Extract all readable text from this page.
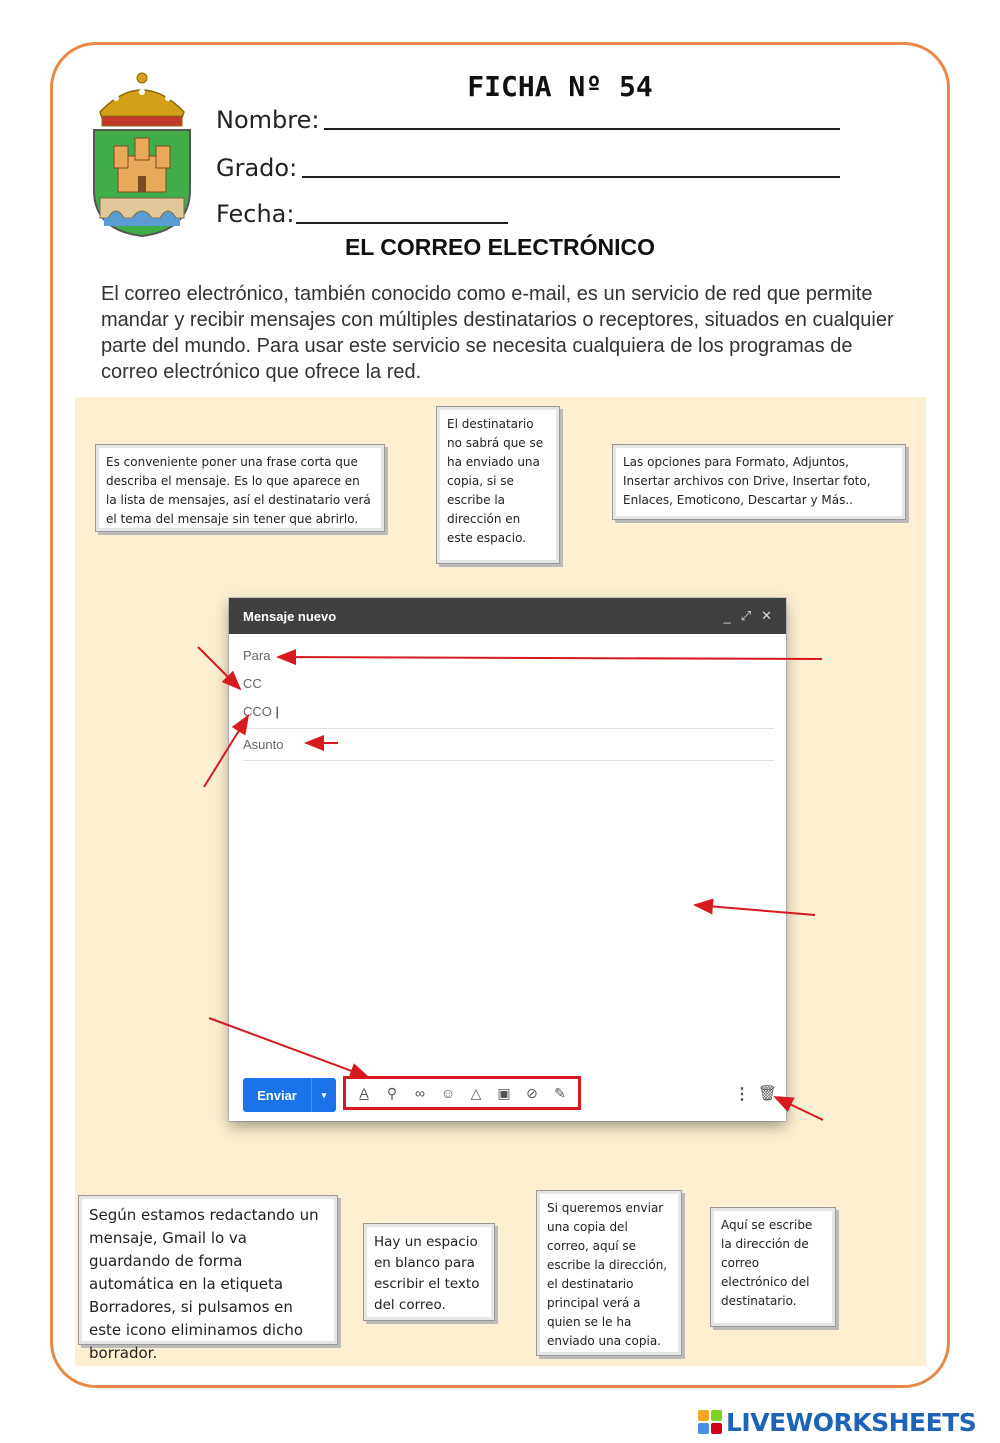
FICHA Nº 54
Nombre:
Grado:
Fecha:
EL CORREO ELECTRÓNICO

El correo electrónico, también conocido como e-mail, es un servicio de red que permite mandar y recibir mensajes con múltiples destinatarios o receptores, situados en cualquier parte del mundo. Para usar este servicio se necesita cualquiera de los programas de correo electrónico que ofrece la red.

Es conveniente poner una frase corta que describa el mensaje. Es lo que aparece en la lista de mensajes, así el destinatario verá el tema del mensaje sin tener que abrirlo.
El destinatario no sabrá que se ha enviado una copia, si se escribe la dirección en este espacio.
Las opciones para Formato, Adjuntos, Insertar archivos con Drive, Insertar foto, Enlaces, Emoticono, Descartar y Más..
Según estamos redactando un mensaje, Gmail lo va guardando de forma automática en la etiqueta Borradores, si pulsamos en este icono eliminamos dicho borrador.
Hay un espacio en blanco para escribir el texto del correo.
Si queremos enviar una copia del correo, aquí se escribe la dirección, el destinatario principal verá a quien se le ha enviado una copia.
Aquí se escribe la dirección de correo electrónico del destinatario.
Mensaje nuevo	_ ⤢ ✕
Para
CC
CCO |
Asunto
Enviar	▾	A	⚲	∞	☺	△	▣	⊘	✎	⋮ 🗑
LIVEWORKSHEETS
